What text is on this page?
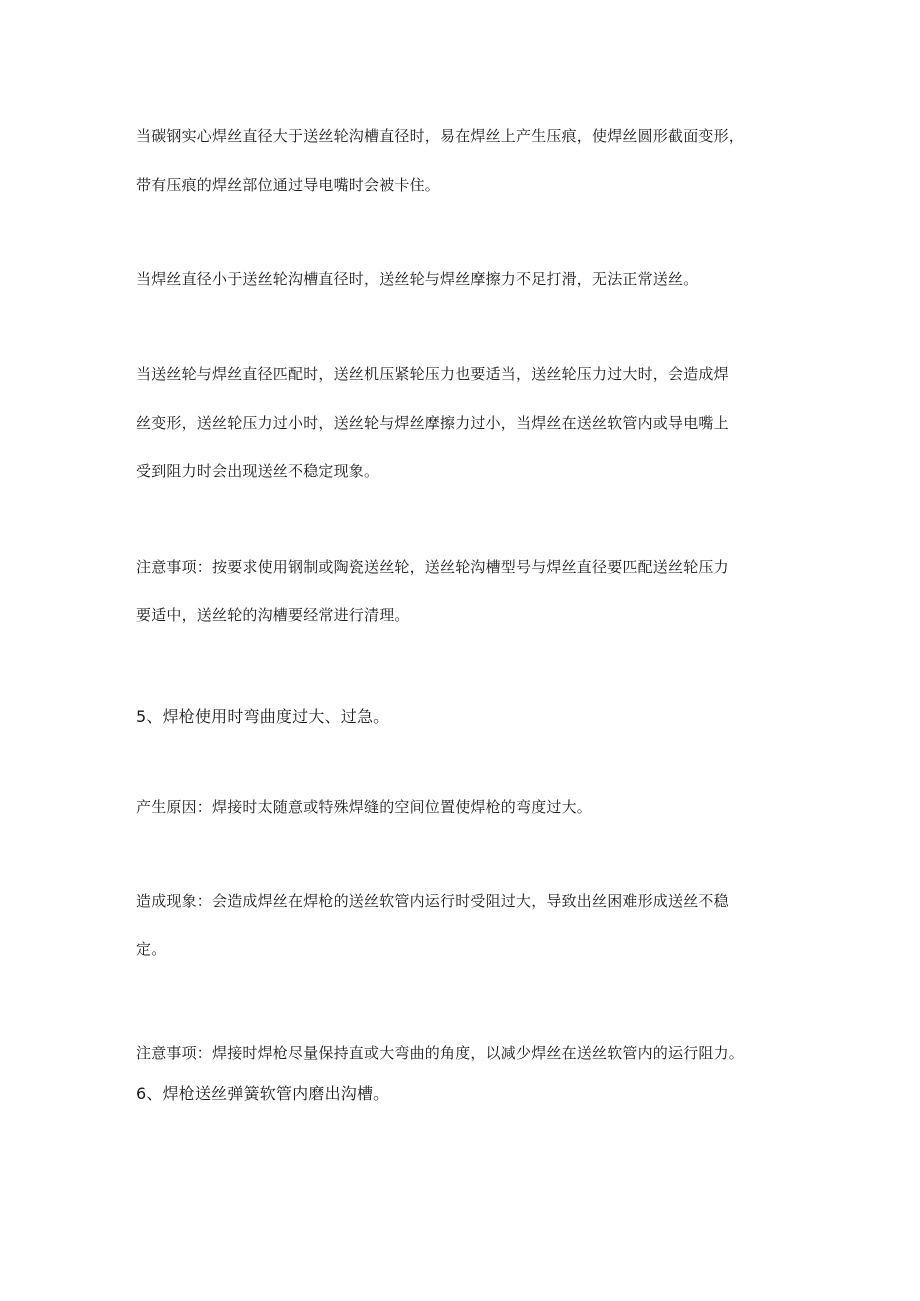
当碳钢实心焊丝直径大于送丝轮沟槽直径时，易在焊丝上产生压痕，使焊丝圆形截面变形，
带有压痕的焊丝部位通过导电嘴时会被卡住。
当焊丝直径小于送丝轮沟槽直径时，送丝轮与焊丝摩擦力不足打滑，无法正常送丝。
当送丝轮与焊丝直径匹配时，送丝机压紧轮压力也要适当，送丝轮压力过大时，会造成焊
丝变形，送丝轮压力过小时，送丝轮与焊丝摩擦力过小，当焊丝在送丝软管内或导电嘴上
受到阻力时会出现送丝不稳定现象。
注意事项：按要求使用钢制或陶瓷送丝轮，送丝轮沟槽型号与焊丝直径要匹配送丝轮压力
要适中，送丝轮的沟槽要经常进行清理。
5、焊枪使用时弯曲度过大、过急。
产生原因：焊接时太随意或特殊焊缝的空间位置使焊枪的弯度过大。
造成现象：会造成焊丝在焊枪的送丝软管内运行时受阻过大，导致出丝困难形成送丝不稳
定。
注意事项：焊接时焊枪尽量保持直或大弯曲的角度，以减少焊丝在送丝软管内的运行阻力。
6、焊枪送丝弹簧软管内磨出沟槽。
